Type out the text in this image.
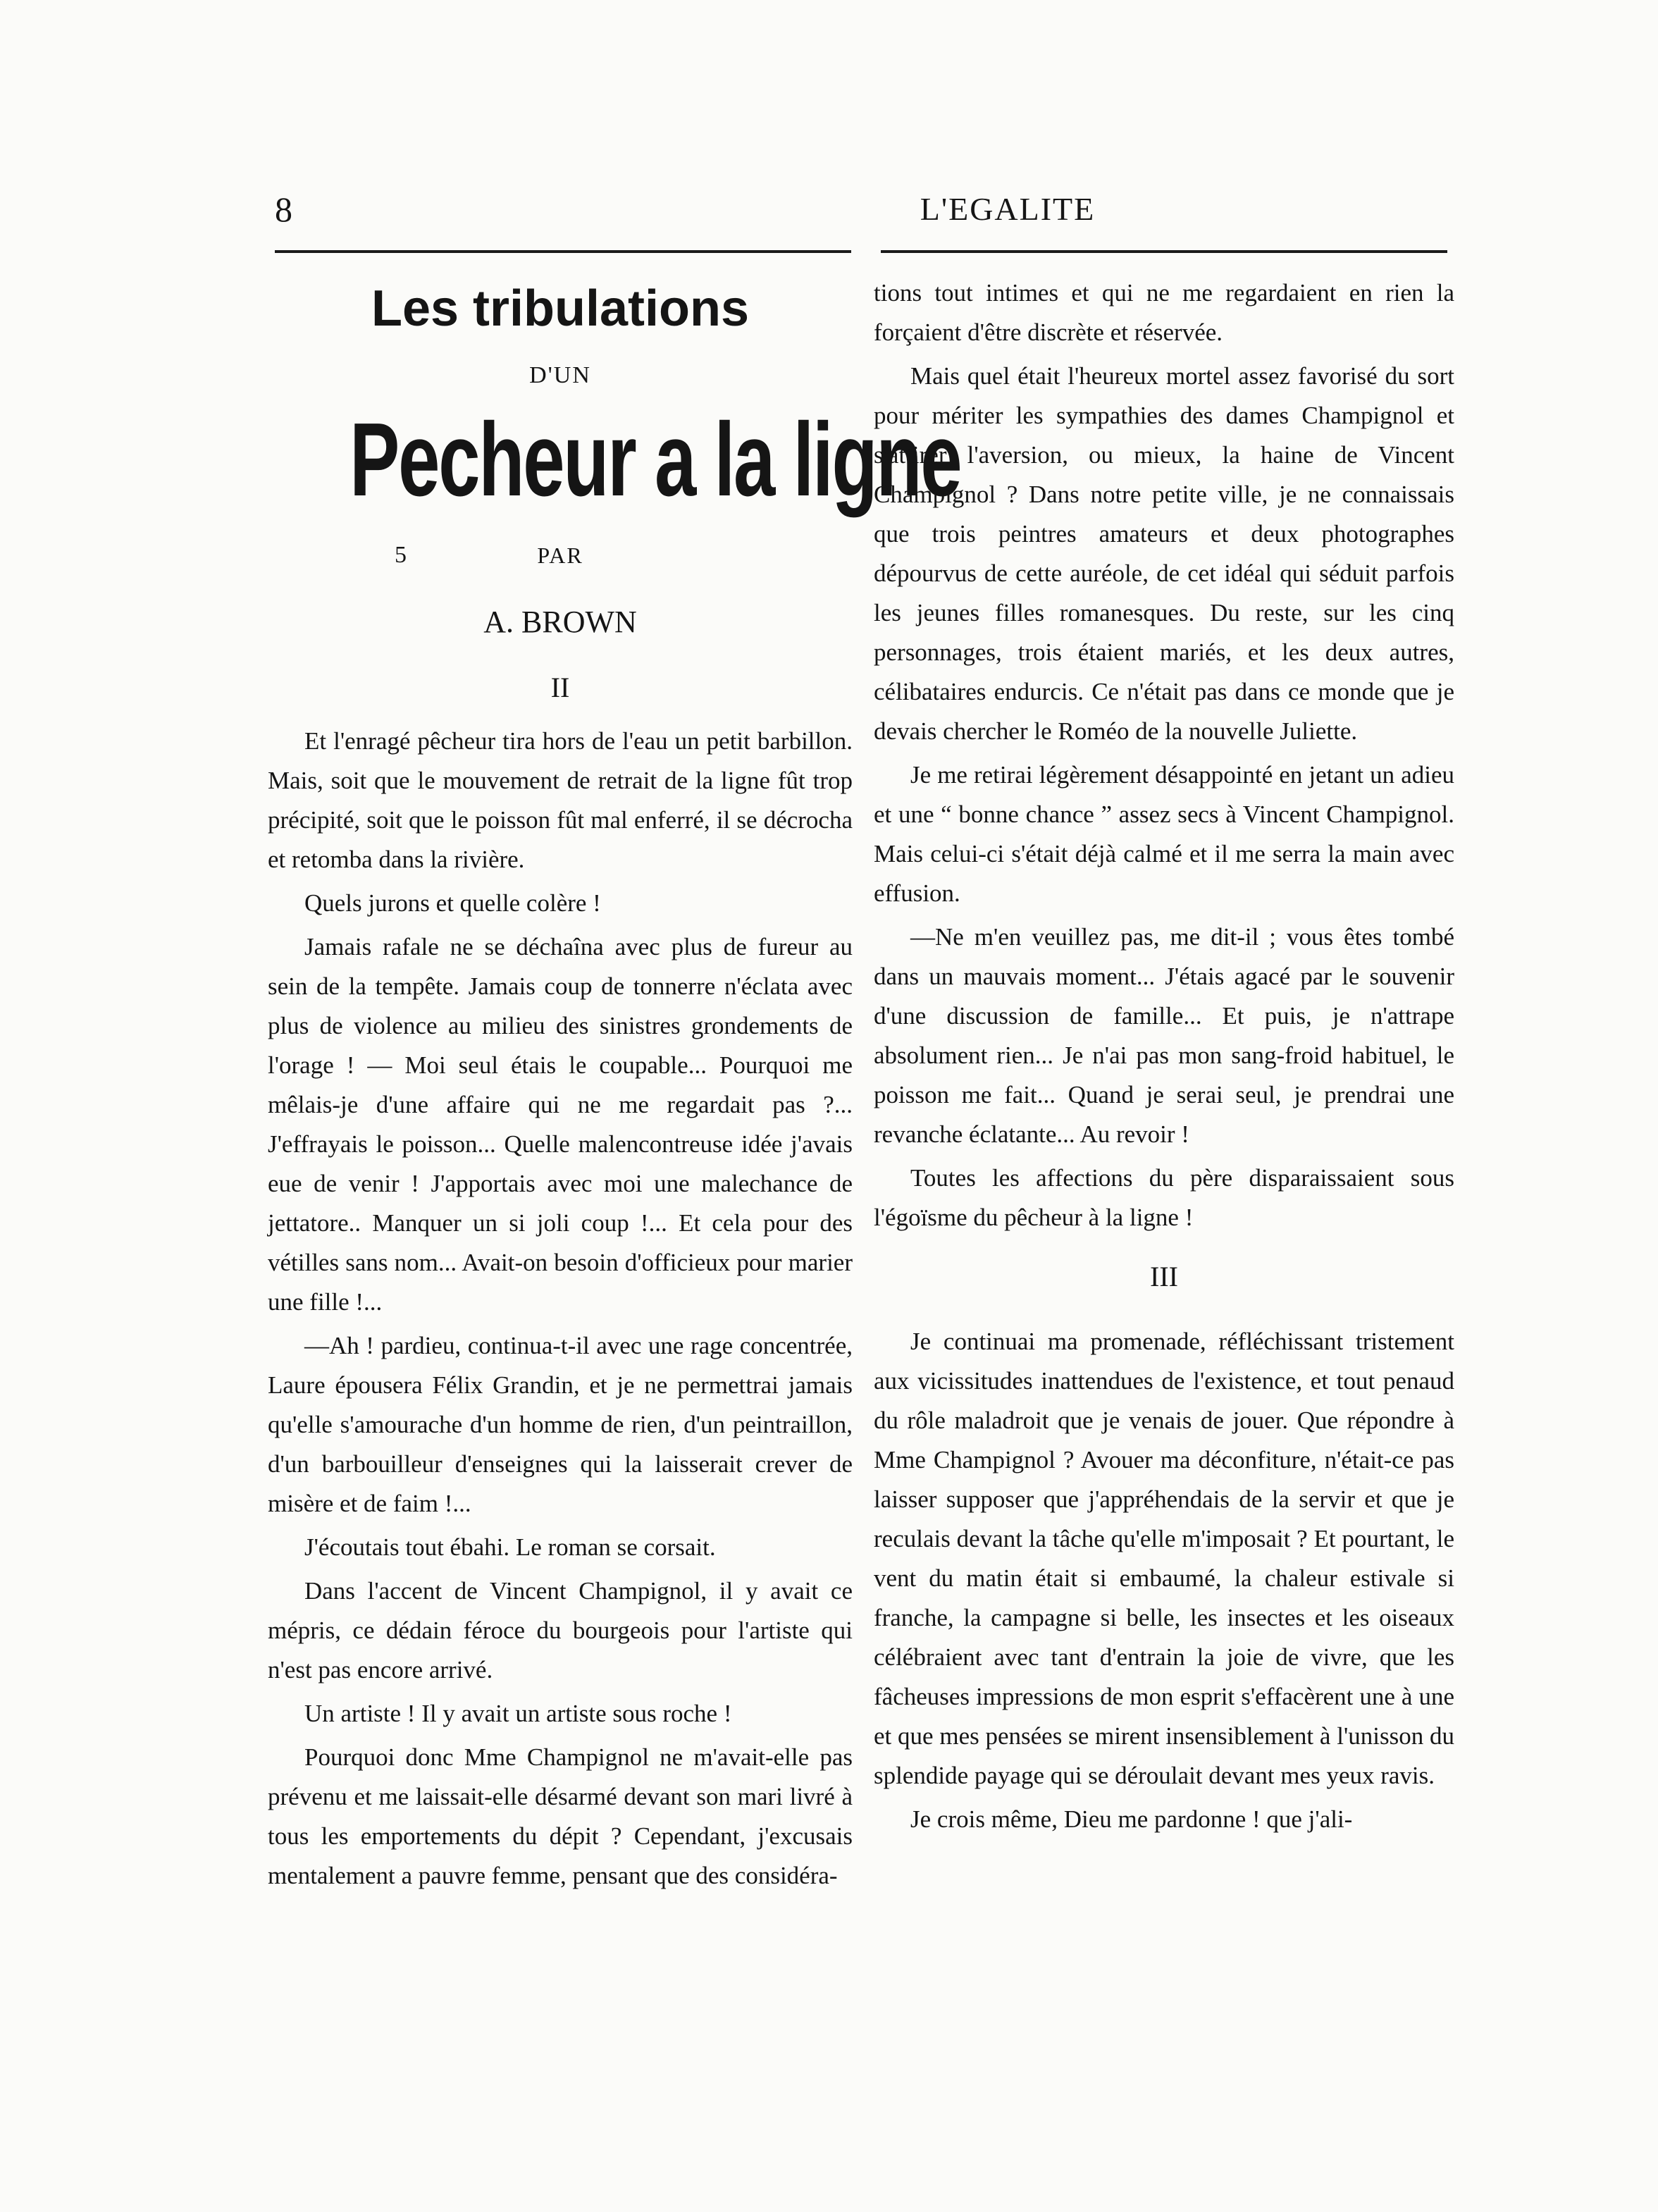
8	L'EGALITE
Les tribulations
D'UN
Pecheur a la ligne
5	PAR
A. BROWN
II

Et l'enragé pêcheur tira hors de l'eau un petit barbillon. Mais, soit que le mouvement de retrait de la ligne fût trop précipité, soit que le poisson fût mal enferré, il se décrocha et retomba dans la rivière.

Quels jurons et quelle colère !

Jamais rafale ne se déchaîna avec plus de fureur au sein de la tempête. Jamais coup de tonnerre n'éclata avec plus de violence au milieu des sinistres grondements de l'orage ! — Moi seul étais le coupable... Pourquoi me mêlais-je d'une affaire qui ne me regardait pas ?... J'effrayais le poisson... Quelle malencontreuse idée j'avais eue de venir ! J'apportais avec moi une malechance de jettatore.. Manquer un si joli coup !... Et cela pour des vétilles sans nom... Avait-on besoin d'officieux pour marier une fille !...

—Ah ! pardieu, continua-t-il avec une rage concentrée, Laure épousera Félix Grandin, et je ne permettrai jamais qu'elle s'amourache d'un homme de rien, d'un peintraillon, d'un barbouilleur d'enseignes qui la laisserait crever de misère et de faim !...

J'écoutais tout ébahi. Le roman se corsait.

Dans l'accent de Vincent Champignol, il y avait ce mépris, ce dédain féroce du bourgeois pour l'artiste qui n'est pas encore arrivé.

Un artiste ! Il y avait un artiste sous roche !

Pourquoi donc Mme Champignol ne m'avait-elle pas prévenu et me laissait-elle désarmé devant son mari livré à tous les emportements du dépit ? Cependant, j'excusais mentalement a pauvre femme, pensant que des considéra-

tions tout intimes et qui ne me regardaient en rien la forçaient d'être discrète et réservée.

Mais quel était l'heureux mortel assez favorisé du sort pour mériter les sympathies des dames Champignol et s'attirer l'aversion, ou mieux, la haine de Vincent Champignol ? Dans notre petite ville, je ne connaissais que trois peintres amateurs et deux photographes dépourvus de cette auréole, de cet idéal qui séduit parfois les jeunes filles romanesques. Du reste, sur les cinq personnages, trois étaient mariés, et les deux autres, célibataires endurcis. Ce n'était pas dans ce monde que je devais chercher le Roméo de la nouvelle Juliette.

Je me retirai légèrement désappointé en jetant un adieu et une “ bonne chance ” assez secs à Vincent Champignol. Mais celui-ci s'était déjà calmé et il me serra la main avec effusion.

—Ne m'en veuillez pas, me dit-il ; vous êtes tombé dans un mauvais moment... J'étais agacé par le souvenir d'une discussion de famille... Et puis, je n'attrape absolument rien... Je n'ai pas mon sang-froid habituel, le poisson me fait... Quand je serai seul, je prendrai une revanche éclatante... Au revoir !

Toutes les affections du père disparaissaient sous l'égoïsme du pêcheur à la ligne !

III

Je continuai ma promenade, réfléchissant tristement aux vicissitudes inattendues de l'existence, et tout penaud du rôle maladroit que je venais de jouer. Que répondre à Mme Champignol ? Avouer ma déconfiture, n'était-ce pas laisser supposer que j'appréhendais de la servir et que je reculais devant la tâche qu'elle m'imposait ? Et pourtant, le vent du matin était si embaumé, la chaleur estivale si franche, la campagne si belle, les insectes et les oiseaux célébraient avec tant d'entrain la joie de vivre, que les fâcheuses impressions de mon esprit s'effacèrent une à une et que mes pensées se mirent insensiblement à l'unisson du splendide payage qui se déroulait devant mes yeux ravis.

Je crois même, Dieu me pardonne ! que j'ali-
